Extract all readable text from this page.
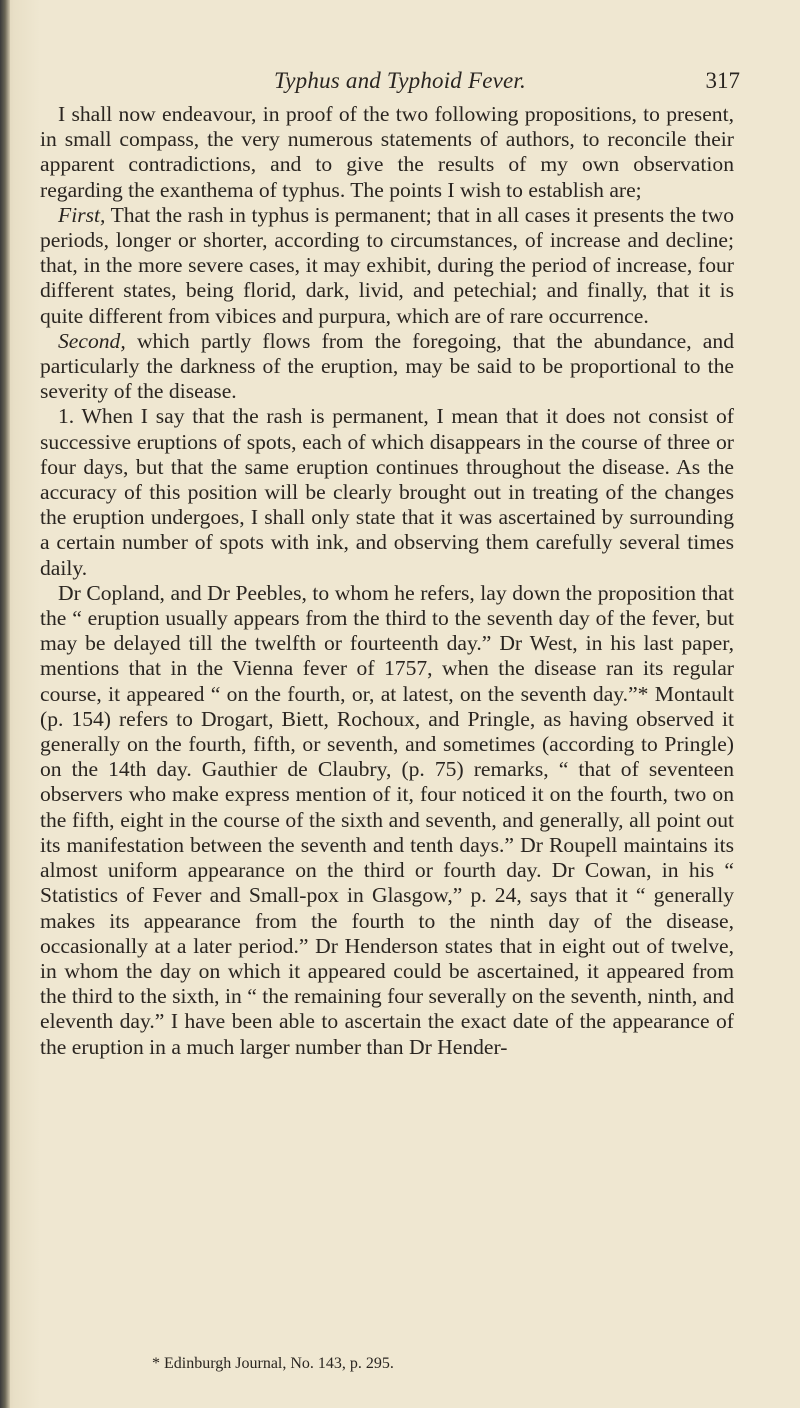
Typhus and Typhoid Fever.	317

I shall now endeavour, in proof of the two following propositions, to present, in small compass, the very numerous statements of authors, to reconcile their apparent contradictions, and to give the results of my own observation regarding the exanthema of typhus. The points I wish to establish are;

First, That the rash in typhus is permanent; that in all cases it presents the two periods, longer or shorter, according to circumstances, of increase and decline; that, in the more severe cases, it may exhibit, during the period of increase, four different states, being florid, dark, livid, and petechial; and finally, that it is quite different from vibices and purpura, which are of rare occurrence.

Second, which partly flows from the foregoing, that the abundance, and particularly the darkness of the eruption, may be said to be proportional to the severity of the disease.

1. When I say that the rash is permanent, I mean that it does not consist of successive eruptions of spots, each of which disappears in the course of three or four days, but that the same eruption continues throughout the disease. As the accuracy of this position will be clearly brought out in treating of the changes the eruption undergoes, I shall only state that it was ascertained by surrounding a certain number of spots with ink, and observing them carefully several times daily.

Dr Copland, and Dr Peebles, to whom he refers, lay down the proposition that the “ eruption usually appears from the third to the seventh day of the fever, but may be delayed till the twelfth or fourteenth day.” Dr West, in his last paper, mentions that in the Vienna fever of 1757, when the disease ran its regular course, it appeared “ on the fourth, or, at latest, on the seventh day.”* Montault (p. 154) refers to Drogart, Biett, Rochoux, and Pringle, as having observed it generally on the fourth, fifth, or seventh, and sometimes (according to Pringle) on the 14th day. Gauthier de Claubry, (p. 75) remarks, “ that of seventeen observers who make express mention of it, four noticed it on the fourth, two on the fifth, eight in the course of the sixth and seventh, and generally, all point out its manifestation between the seventh and tenth days.” Dr Roupell maintains its almost uniform appearance on the third or fourth day. Dr Cowan, in his “ Statistics of Fever and Small-pox in Glasgow,” p. 24, says that it “ generally makes its appearance from the fourth to the ninth day of the disease, occasionally at a later period.” Dr Henderson states that in eight out of twelve, in whom the day on which it appeared could be ascertained, it appeared from the third to the sixth, in “ the remaining four severally on the seventh, ninth, and eleventh day.” I have been able to ascertain the exact date of the appearance of the eruption in a much larger number than Dr Hender-

* Edinburgh Journal, No. 143, p. 295.
